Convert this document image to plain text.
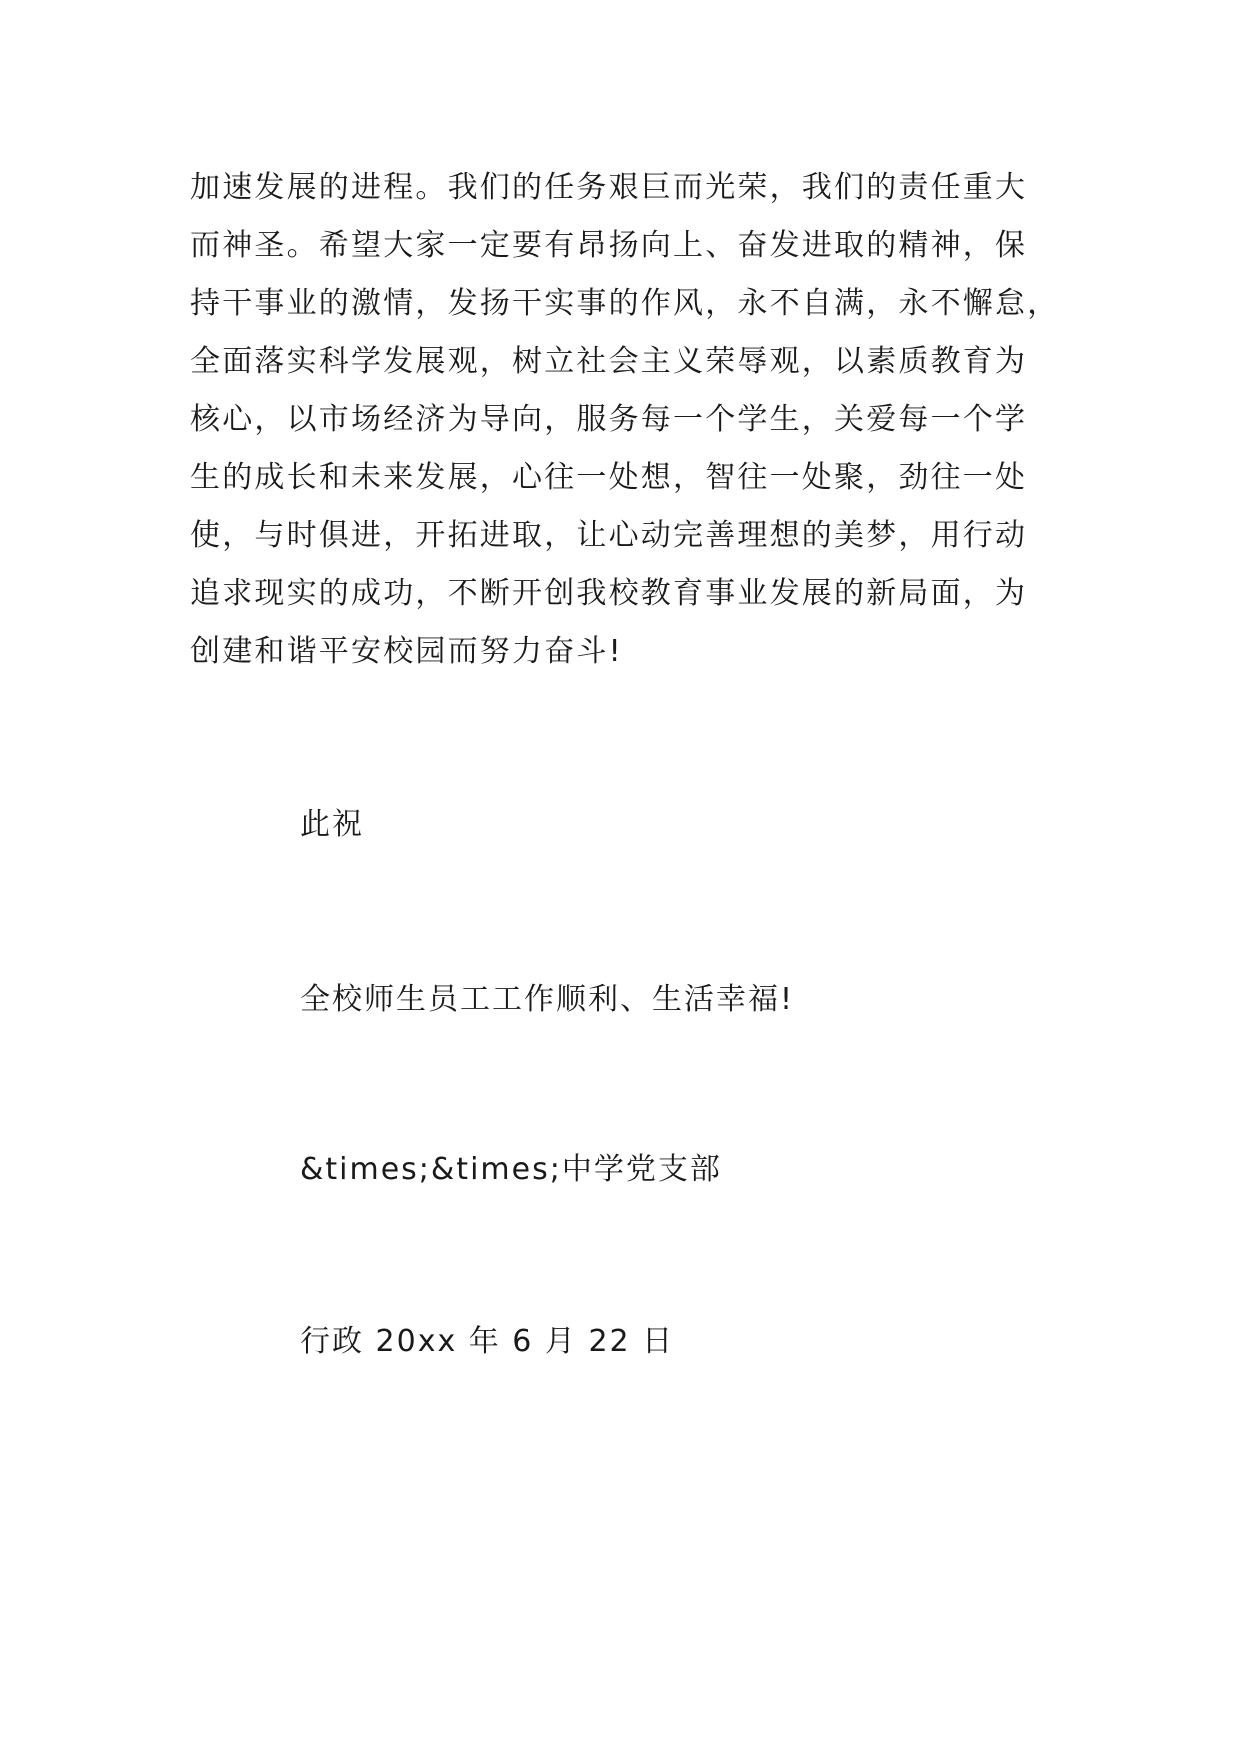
加速发展的进程。我们的任务艰巨而光荣，我们的责任重大
而神圣。希望大家一定要有昂扬向上、奋发进取的精神，保
持干事业的激情，发扬干实事的作风，永不自满，永不懈怠，
全面落实科学发展观，树立社会主义荣辱观，以素质教育为
核心，以市场经济为导向，服务每一个学生，关爱每一个学
生的成长和未来发展，心往一处想，智往一处聚，劲往一处
使，与时俱进，开拓进取，让心动完善理想的美梦，用行动
追求现实的成功，不断开创我校教育事业发展的新局面，为
创建和谐平安校园而努力奋斗!
此祝
全校师生员工工作顺利、生活幸福!
&times;&times;中学党支部
行政 20xx 年 6 月 22 日
